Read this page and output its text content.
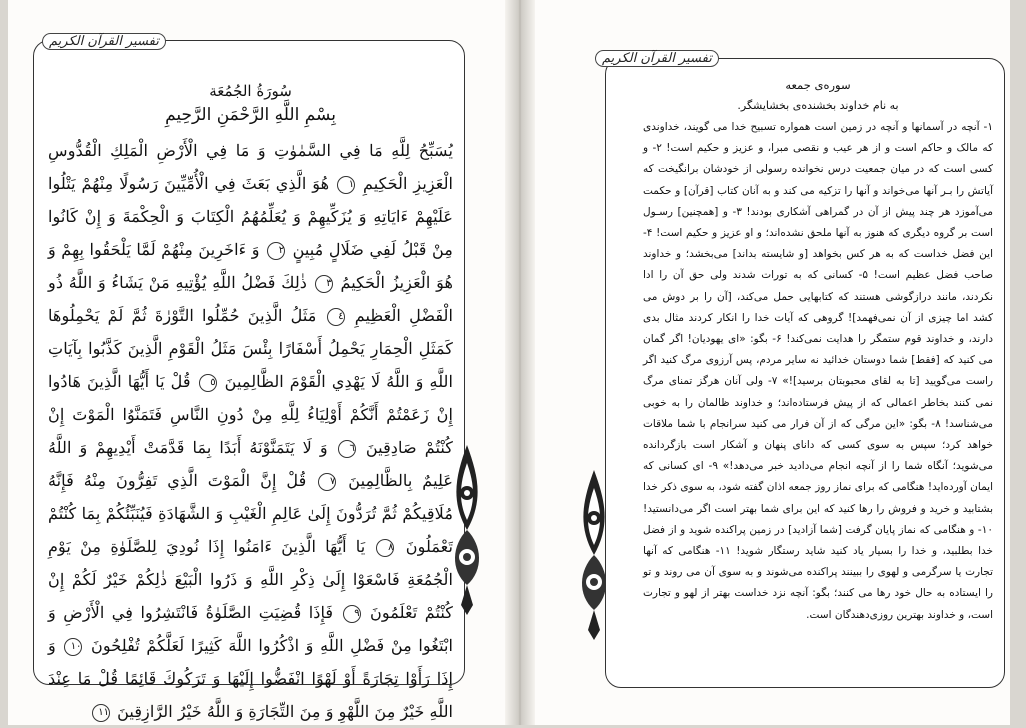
تفسیر القرآن الکریم
سُورَةُ الجُمُعَة
بِسْمِ اللَّهِ الرَّحْمَنِ الرَّحِيمِ
يُسَبِّحُ لِلَّهِ مَا فِي السَّمٰوٰتِ وَ مَا فِي الْأَرْضِ الْمَلِكِ الْقُدُّوسِ الْعَزِيزِ الْحَكِيمِ ١ هُوَ الَّذِي بَعَثَ فِي الْأُمِّيِّينَ رَسُولًا مِنْهُمْ يَتْلُوا عَلَيْهِمْ ءَايَاتِهِ وَ يُزَكِّيهِمْ وَ يُعَلِّمُهُمُ الْكِتَابَ وَ الْحِكْمَةَ وَ إِنْ كَانُوا مِنْ قَبْلُ لَفِي ضَلَالٍ مُبِينٍ ٢ وَ ءَاخَرِينَ مِنْهُمْ لَمَّا يَلْحَقُوا بِهِمْ وَ هُوَ الْعَزِيزُ الْحَكِيمُ ٣ ذٰلِكَ فَضْلُ اللَّهِ يُؤْتِيهِ مَنْ يَشَاءُ وَ اللَّهُ ذُو الْفَضْلِ الْعَظِيمِ ٤ مَثَلُ الَّذِينَ حُمِّلُوا التَّوْرٰةَ ثُمَّ لَمْ يَحْمِلُوهَا كَمَثَلِ الْحِمَارِ يَحْمِلُ أَسْفَارًا بِئْسَ مَثَلُ الْقَوْمِ الَّذِينَ كَذَّبُوا بِآيَاتِ اللَّهِ وَ اللَّهُ لَا يَهْدِي الْقَوْمَ الظَّالِمِينَ ٥ قُلْ يَا أَيُّهَا الَّذِينَ هَادُوا إِنْ زَعَمْتُمْ أَنَّكُمْ أَوْلِيَاءُ لِلَّهِ مِنْ دُونِ النَّاسِ فَتَمَنَّوُا الْمَوْتَ إِنْ كُنْتُمْ صَادِقِينَ ٦ وَ لَا يَتَمَنَّوْنَهُ أَبَدًا بِمَا قَدَّمَتْ أَيْدِيهِمْ وَ اللَّهُ عَلِيمٌ بِالظَّالِمِينَ ٧ قُلْ إِنَّ الْمَوْتَ الَّذِي تَفِرُّونَ مِنْهُ فَإِنَّهُ مُلَاقِيكُمْ ثُمَّ تُرَدُّونَ إِلَىٰ عَالِمِ الْغَيْبِ وَ الشَّهَادَةِ فَيُنَبِّئُكُمْ بِمَا كُنْتُمْ تَعْمَلُونَ ٨ يَا أَيُّهَا الَّذِينَ ءَامَنُوا إِذَا نُودِيَ لِلصَّلَوٰةِ مِنْ يَوْمِ الْجُمُعَةِ فَاسْعَوْا إِلَىٰ ذِكْرِ اللَّهِ وَ ذَرُوا الْبَيْعَ ذٰلِكُمْ خَيْرٌ لَكُمْ إِنْ كُنْتُمْ تَعْلَمُونَ ٩ فَإِذَا قُضِيَتِ الصَّلَوٰةُ فَانْتَشِرُوا فِي الْأَرْضِ وَ ابْتَغُوا مِنْ فَضْلِ اللَّهِ وَ اذْكُرُوا اللَّهَ كَثِيرًا لَعَلَّكُمْ تُفْلِحُونَ ١٠ وَ إِذَا رَأَوْا تِجَارَةً أَوْ لَهْوًا انْفَضُّوا إِلَيْهَا وَ تَرَكُوكَ قَائِمًا قُلْ مَا عِنْدَ اللَّهِ خَيْرٌ مِنَ اللَّهْوِ وَ مِنَ التِّجَارَةِ وَ اللَّهُ خَيْرُ الرَّازِقِينَ ١١
تفسیر القرآن الکریم
سوره‌ی جمعه
به نام خداوند بخشنده‌ی بخشایشگر.
۱- آنچه در آسمانها و آنچه در زمین است همواره تسبیح خدا می گویند، خداوندی که مالک و حاکم است و از هر عیب و نقصی مبرا، و عزیز و حکیم است! ۲- و کسی است که در میان جمعیت درس نخوانده رسولی از خودشان برانگیخت که آیاتش را بـر آنها می‌خواند و آنها را تزکیه می کند و به آنان کتاب [قرآن] و حکمت می‌آموزد هر چند پیش از آن در گمراهی آشکاری بودند! ۳- و [همچنین] رسـول است بر گروه دیگری که هنوز به آنها ملحق نشده‌اند؛ و او عزیز و حکیم است! ۴- این فضل خداست که به هر کس بخواهد [و شایسته بداند] می‌بخشد؛ و خداوند صاحب فضل عظیم است! ۵- کسانی که به تورات شدند ولی حق آن را ادا نکردند، مانند درازگوشی هستند که کتابهایی حمل می‌کند، [آن را بر دوش می کشد اما چیزی از آن نمی‌فهمد]! گروهی که آیات خدا را انکار کردند مثال بدی دارند، و خداوند قوم ستمگر را هدایت نمی‌کند! ۶- بگو: «ای یهودیان! اگر گمان می کنید که [فقط] شما دوستان خدائید نه سایر مردم، پس آرزوی مرگ کنید اگر راست می‌گویید [تا به لقای محبوبتان برسید]!» ۷- ولی آنان هرگز تمنای مرگ نمی کنند بخاطر اعمالی که از پیش فرستاده‌اند؛ و خداوند ظالمان را به خوبی می‌شناسد! ۸- بگو: «این مرگی که از آن فرار می کنید سرانجام با شما ملاقات خواهد کرد؛ سپس به سوی کسی که دانای پنهان و آشکار است بازگردانده می‌شوید؛ آنگاه شما را از آنچه انجام می‌دادید خبر می‌دهد!» ۹- ای کسانی که ایمان آورده‌اید! هنگامی که برای نماز روز جمعه اذان گفته شود، به سوی ذکر خدا بشتابید و خرید و فروش را رها کنید که این برای شما بهتر است اگر می‌دانستید! ۱۰- و هنگامی که نماز پایان گرفت [شما آزادید] در زمین پراکنده شوید و از فضل خدا بطلبید، و خدا را بسیار یاد کنید شاید رستگار شوید! ۱۱- هنگامی که آنها تجارت یا سرگرمی و لهوی را ببینند پراکنده می‌شوند و به سوی آن می روند و تو را ایستاده به حال خود رها می کنند؛ بگو: آنچه نزد خداست بهتر از لهو و تجارت است، و خداوند بهترین روزی‌دهندگان است.
